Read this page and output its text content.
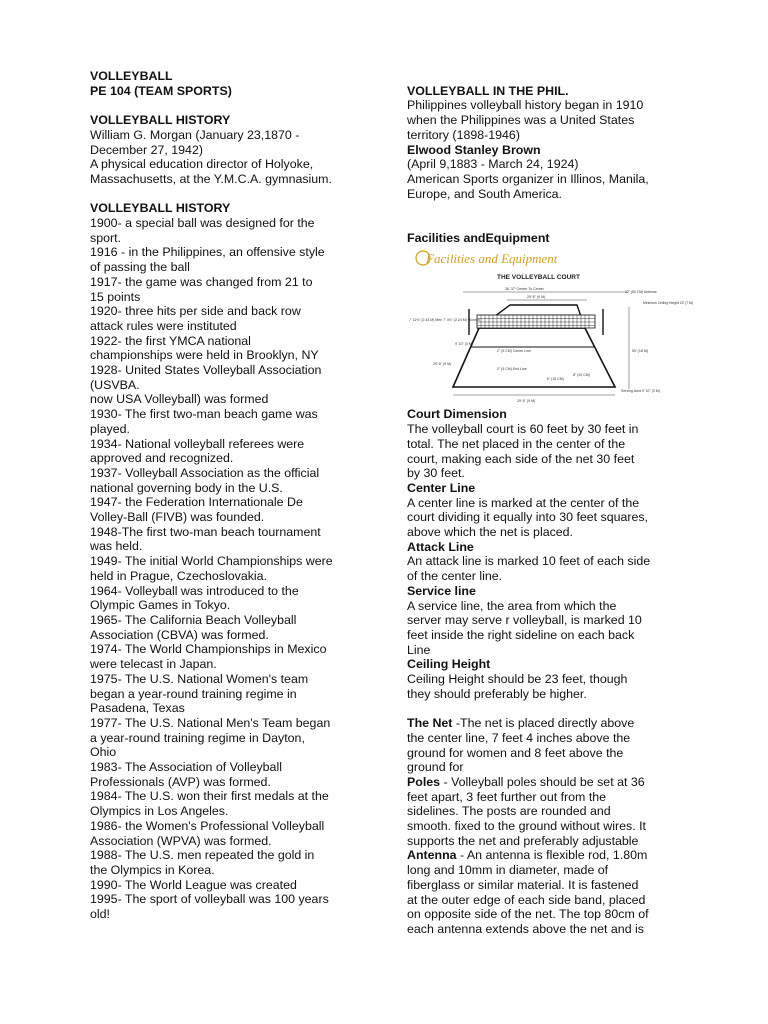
VOLLEYBALL

PE 104 (TEAM SPORTS)

VOLLEYBALL HISTORY

William G. Morgan (January 23,1870 -

December 27, 1942)

A physical education director of Holyoke,

Massachusetts, at the Y.M.C.A. gymnasium.

VOLLEYBALL HISTORY

1900- a special ball was designed for the

sport.

1916 - in the Philippines, an offensive style

of passing the ball

1917- the game was changed from 21 to

15 points

1920- three hits per side and back row

attack rules were instituted

1922- the first YMCA national

championships were held in Brooklyn, NY

1928- United States Volleyball Association

(USVBA.

now USA Volleyball) was formed

1930- The first two-man beach game was

played.

1934- National volleyball referees were

approved and recognized.

1937- Volleyball Association as the official

national governing body in the U.S.

1947- the Federation Internationale De

Volley-Ball (FIVB) was founded.

1948-The first two-man beach tournament

was held.

1949- The initial World Championships were

held in Prague, Czechoslovakia.

1964- Volleyball was introduced to the

Olympic Games in Tokyo.

1965- The California Beach Volleyball

Association (CBVA) was formed.

1974- The World Championships in Mexico

were telecast in Japan.

1975- The U.S. National Women's team

began a year-round training regime in

Pasadena, Texas

1977- The U.S. National Men's Team began

a year-round training regime in Dayton,

Ohio

1983- The Association of Volleyball

Professionals (AVP) was formed.

1984- The U.S. won their first medals at the

Olympics in Los Angeles.

1986- the Women's Professional Volleyball

Association (WPVA) was formed.

1988- The U.S. men repeated the gold in

the Olympics in Korea.

1990- The World League was created

1995- The sport of volleyball was 100 years

old!

VOLLEYBALL IN THE PHIL.

Philippines volleyball history began in 1910

when the Philippines was a United States

territory (1898-1946)

Elwood Stanley Brown

(April 9,1883 - March 24, 1924)

American Sports organizer in Illinos, Manila,

Europe, and South America.

Facilities andEquipment

Facilities and Equipment
THE VOLLEYBALL COURT
36'-37' Center To Center
29' 6" (9 M)
32" (80 CM) Antenna
Minimum Ceiling Height 23' (7 M)
7' 11⅝" (2.43 M) Men 7' 4⅛" (2.24 M) Women
9' 10" (3 M)
2" (5 CM) Center Line	59' (18 M)
29' 6" (9 M)
2" (5 CM) End Line
8" (20 CM)
6" (15 CM)
Serving Area 9' 10" (3 M)
29' 6" (9 M)

Court Dimension

The volleyball court is 60 feet by 30 feet in

total. The net placed in the center of the

court, making each side of the net 30 feet

by 30 feet.

Center Line

A center line is marked at the center of the

court dividing it equally into 30 feet squares,

above which the net is placed.

Attack Line

An attack line is marked 10 feet of each side

of the center line.

Service line

A service line, the area from which the

server may serve r volleyball, is marked 10

feet inside the right sideline on each back

Line

Ceiling Height

Ceiling Height should be 23 feet, though

they should preferably be higher.

The Net -The net is placed directly above

the center line, 7 feet 4 inches above the

ground for women and 8 feet above the

ground for

Poles - Volleyball poles should be set at 36

feet apart, 3 feet further out from the

sidelines. The posts are rounded and

smooth. fixed to the ground without wires. It

supports the net and preferably adjustable

Antenna - An antenna is flexible rod, 1.80m

long and 10mm in diameter, made of

fiberglass or similar material. It is fastened

at the outer edge of each side band, placed

on opposite side of the net. The top 80cm of

each antenna extends above the net and is
